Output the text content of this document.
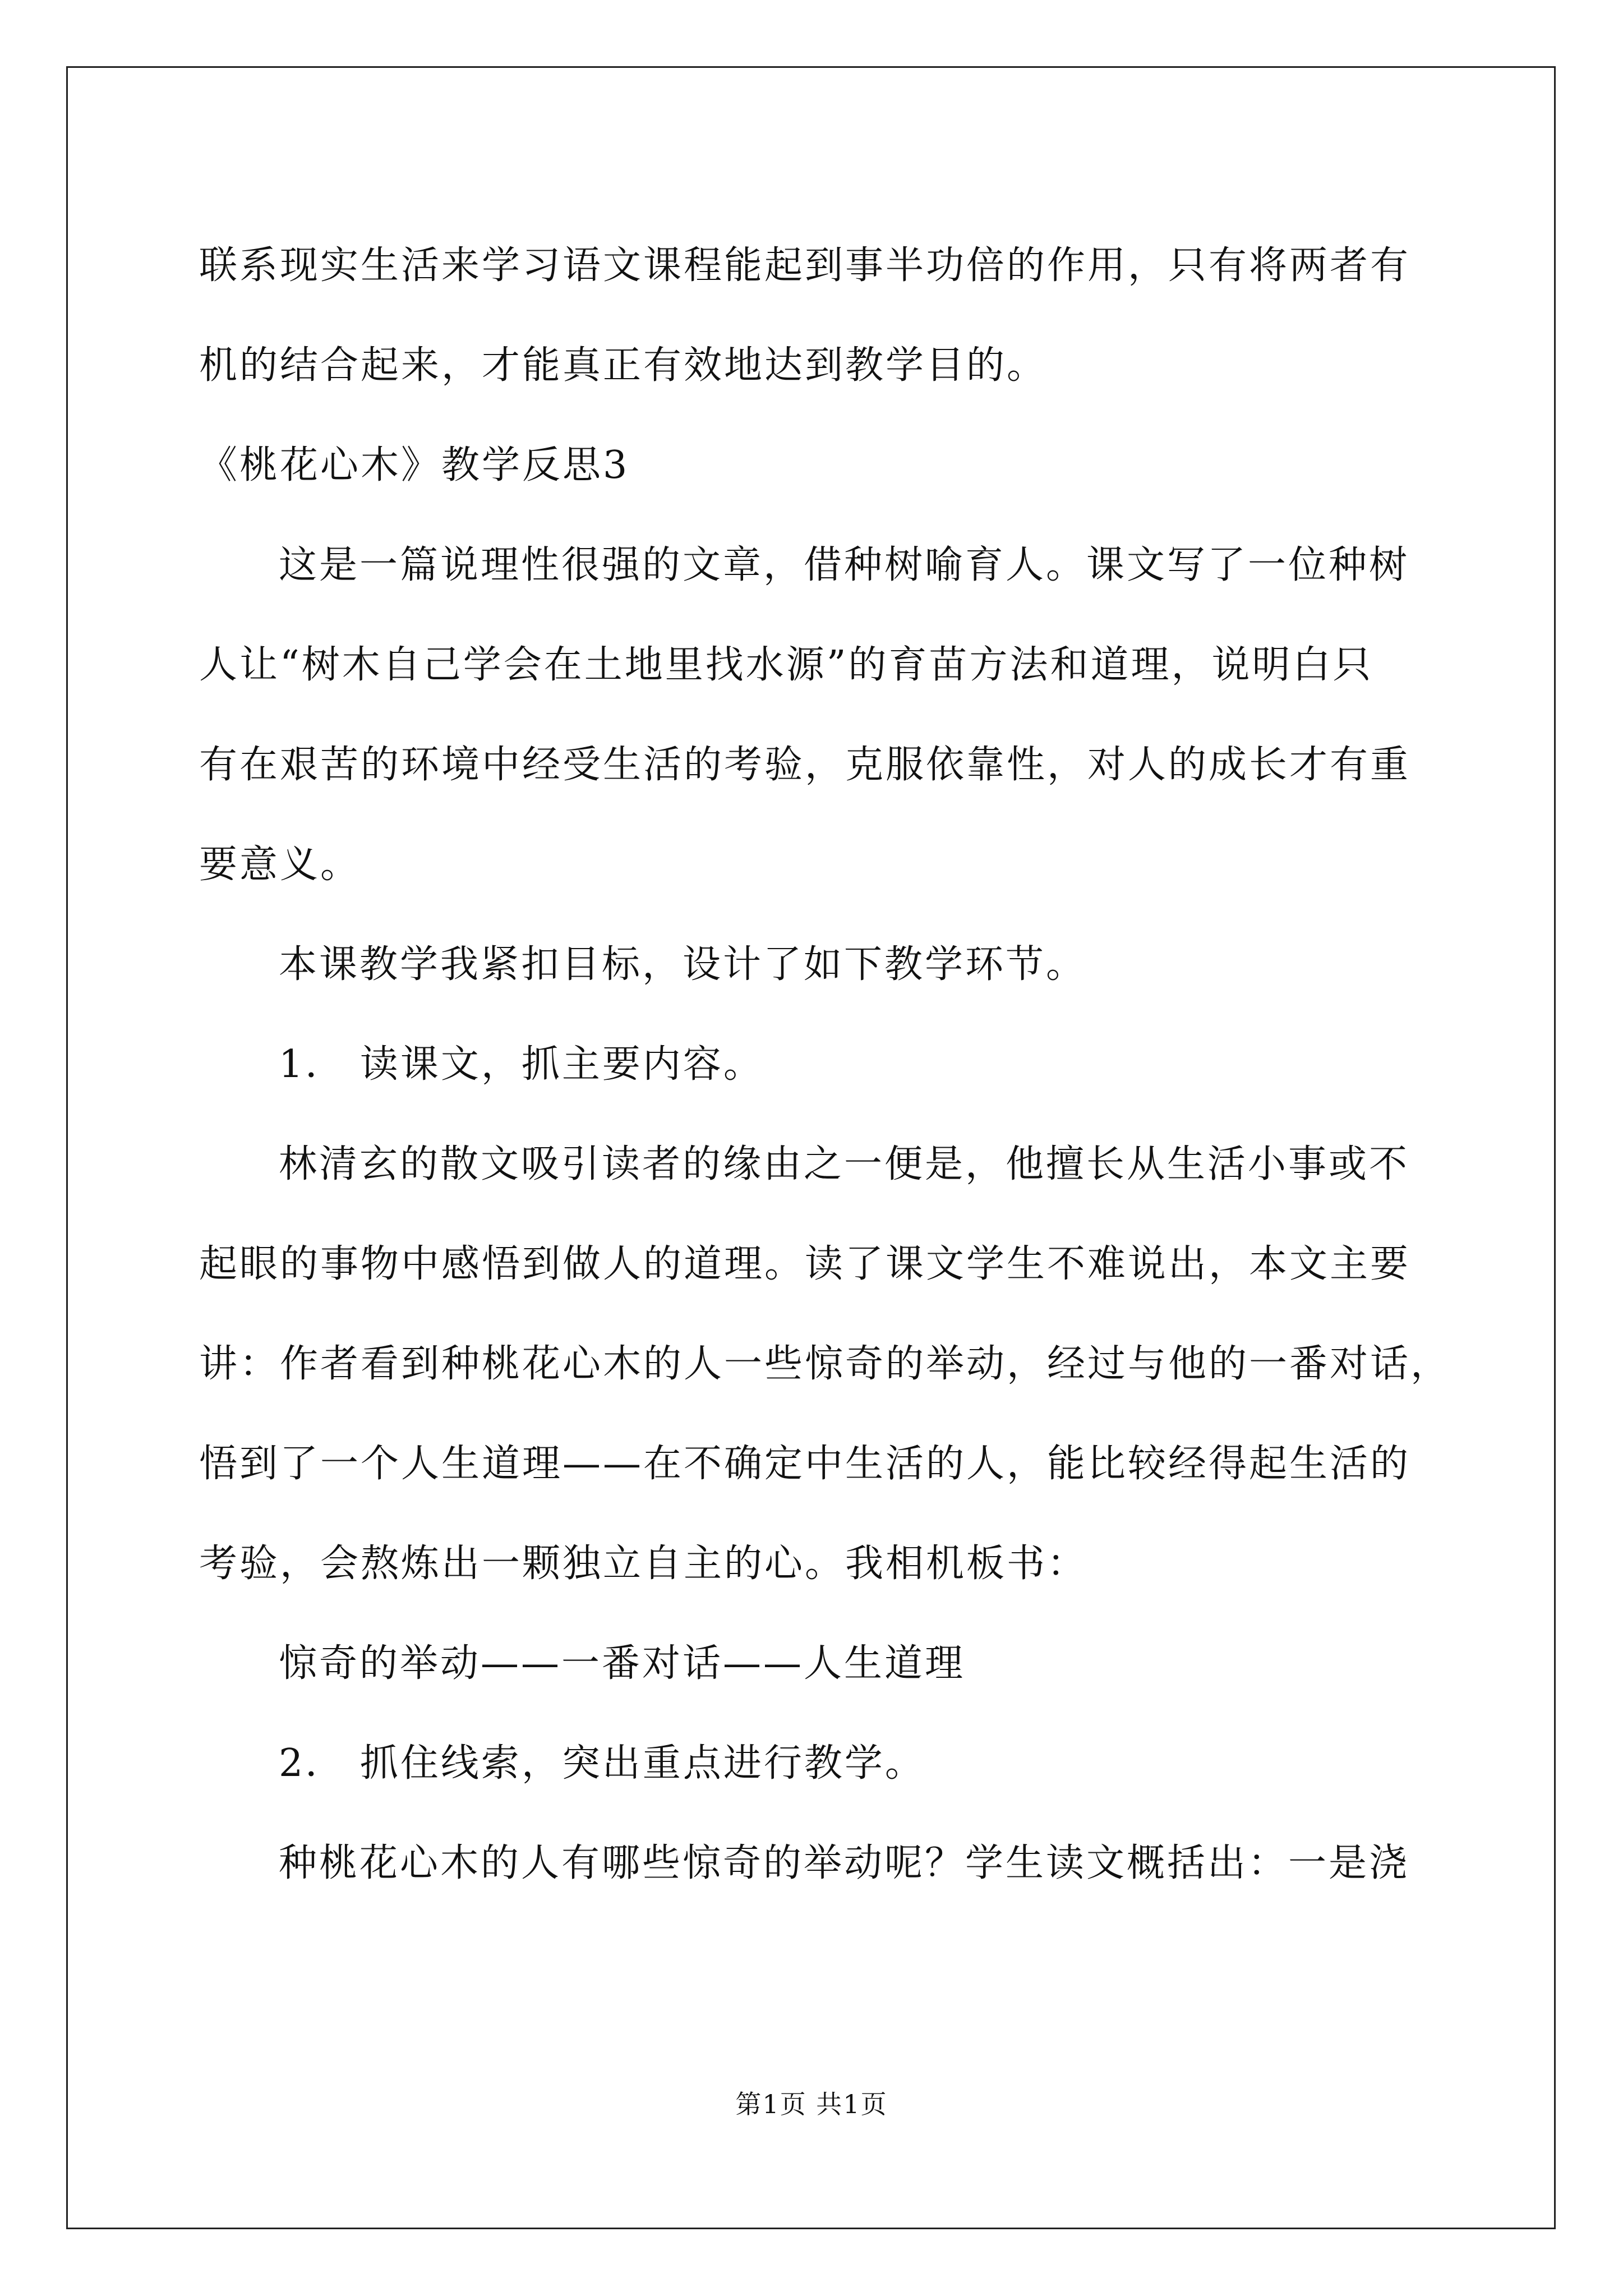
联系现实生活来学习语文课程能起到事半功倍的作用，只有将两者有
机的结合起来，才能真正有效地达到教学目的。
《桃花心木》教学反思3
这是一篇说理性很强的文章，借种树喻育人。课文写了一位种树
人让“树木自己学会在土地里找水源”的育苗方法和道理，说明白只
有在艰苦的环境中经受生活的考验，克服依靠性，对人的成长才有重
要意义。
本课教学我紧扣目标，设计了如下教学环节。
1． 读课文，抓主要内容。
林清玄的散文吸引读者的缘由之一便是，他擅长从生活小事或不
起眼的事物中感悟到做人的道理。读了课文学生不难说出，本文主要
讲：作者看到种桃花心木的人一些惊奇的举动，经过与他的一番对话，
悟到了一个人生道理——在不确定中生活的人，能比较经得起生活的
考验，会熬炼出一颗独立自主的心。我相机板书：
惊奇的举动——一番对话——人生道理
2． 抓住线索，突出重点进行教学。
种桃花心木的人有哪些惊奇的举动呢？学生读文概括出：一是浇
第1页 共1页
